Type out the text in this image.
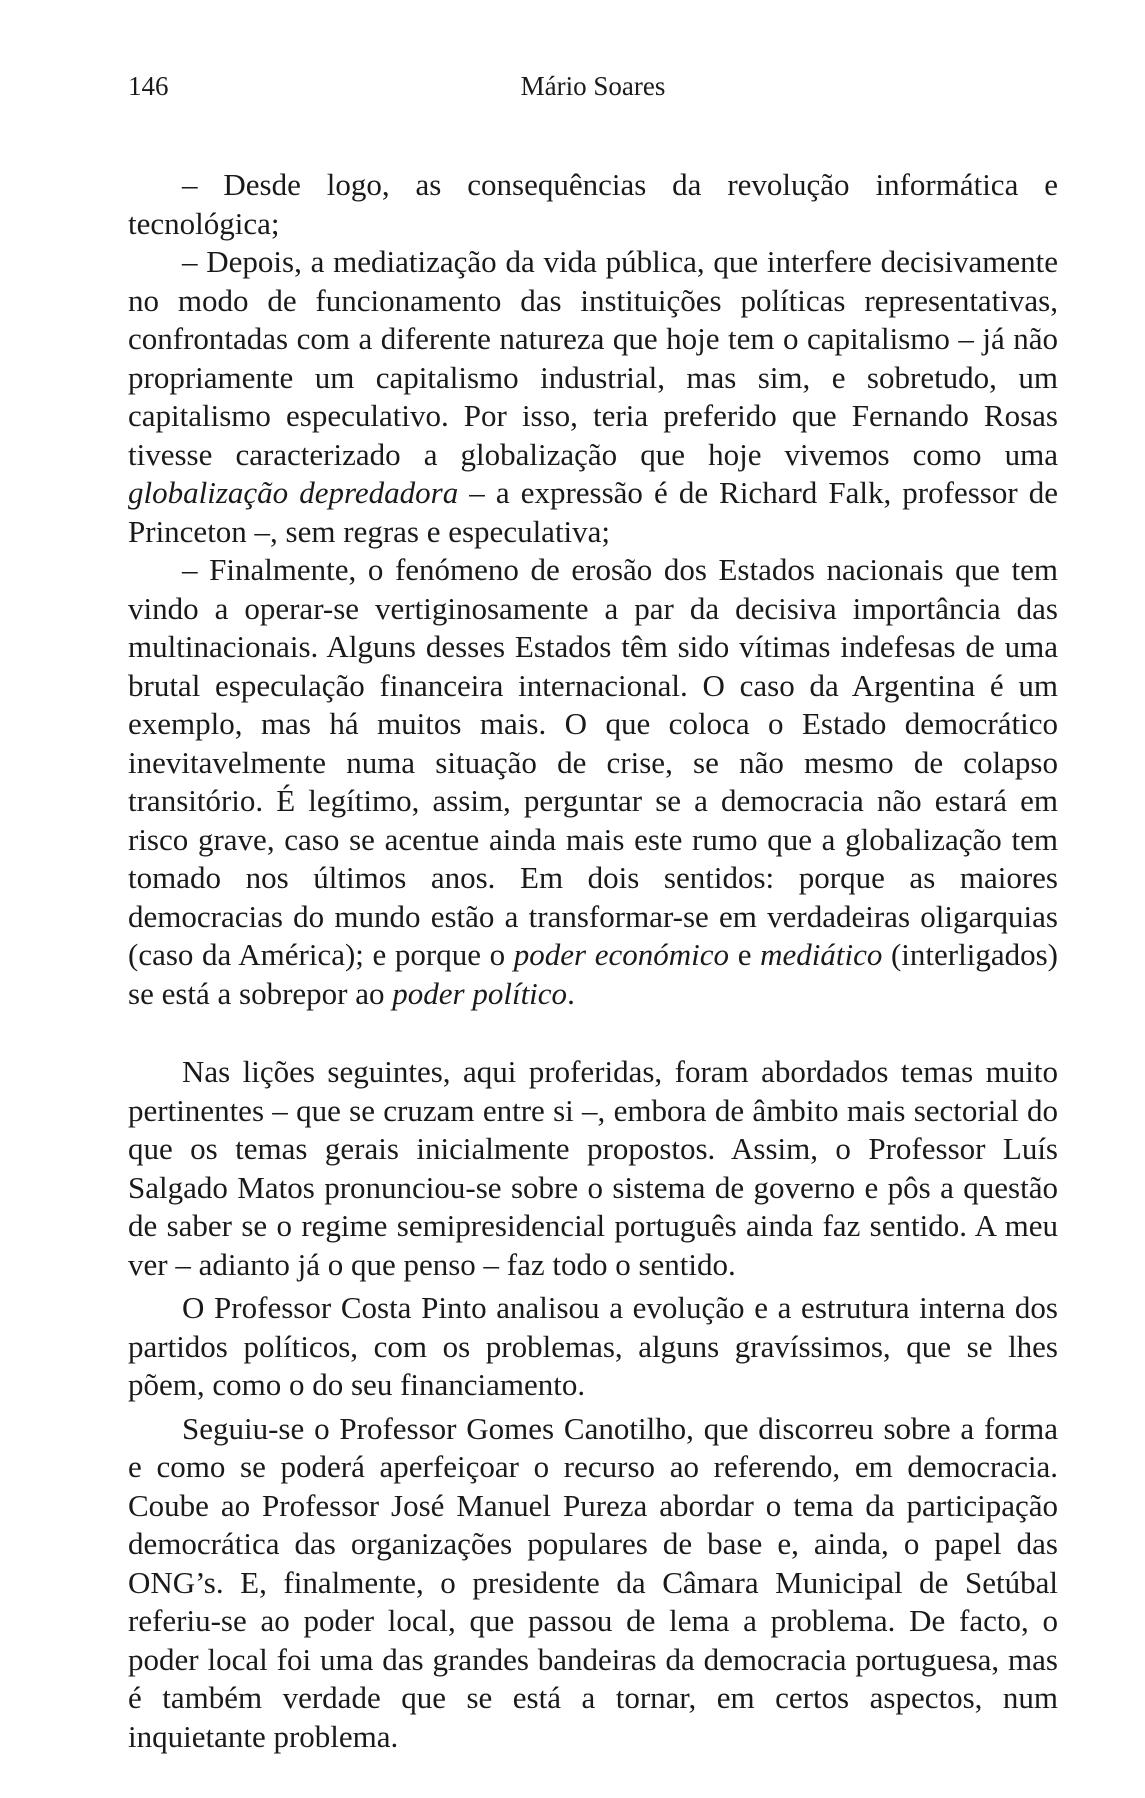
146	Mário Soares

– Desde logo, as consequências da revolução informática e tecnológica;

– Depois, a mediatização da vida pública, que interfere decisivamente no modo de funcionamento das instituições políticas representativas, confrontadas com a diferente natureza que hoje tem o capitalismo – já não propriamente um capitalismo industrial, mas sim, e sobretudo, um capitalismo especulativo. Por isso, teria preferido que Fernando Rosas tivesse caracterizado a globalização que hoje vivemos como uma globalização depredadora – a expressão é de Richard Falk, professor de Princeton –, sem regras e especulativa;

– Finalmente, o fenómeno de erosão dos Estados nacionais que tem vindo a operar-se vertiginosamente a par da decisiva importância das multinacionais. Alguns desses Estados têm sido vítimas indefesas de uma brutal especulação financeira internacional. O caso da Argentina é um exemplo, mas há muitos mais. O que coloca o Estado democrático inevitavelmente numa situação de crise, se não mesmo de colapso transitório. É legítimo, assim, perguntar se a democracia não estará em risco grave, caso se acentue ainda mais este rumo que a globalização tem tomado nos últimos anos. Em dois sentidos: porque as maiores democracias do mundo estão a transformar-se em verdadeiras oligarquias (caso da América); e porque o poder económico e mediático (interligados) se está a sobrepor ao poder político.

Nas lições seguintes, aqui proferidas, foram abordados temas muito pertinentes – que se cruzam entre si –, embora de âmbito mais sectorial do que os temas gerais inicialmente propostos. Assim, o Professor Luís Salgado Matos pronunciou-se sobre o sistema de governo e pôs a questão de saber se o regime semipresidencial português ainda faz sentido. A meu ver – adianto já o que penso – faz todo o sentido.

O Professor Costa Pinto analisou a evolução e a estrutura interna dos partidos políticos, com os problemas, alguns gravíssimos, que se lhes põem, como o do seu financiamento.

Seguiu-se o Professor Gomes Canotilho, que discorreu sobre a forma e como se poderá aperfeiçoar o recurso ao referendo, em democracia. Coube ao Professor José Manuel Pureza abordar o tema da participação democrática das organizações populares de base e, ainda, o papel das ONG’s. E, finalmente, o presidente da Câmara Municipal de Setúbal referiu-se ao poder local, que passou de lema a problema. De facto, o poder local foi uma das grandes bandeiras da democracia portuguesa, mas é também verdade que se está a tornar, em certos aspectos, num inquietante problema.
